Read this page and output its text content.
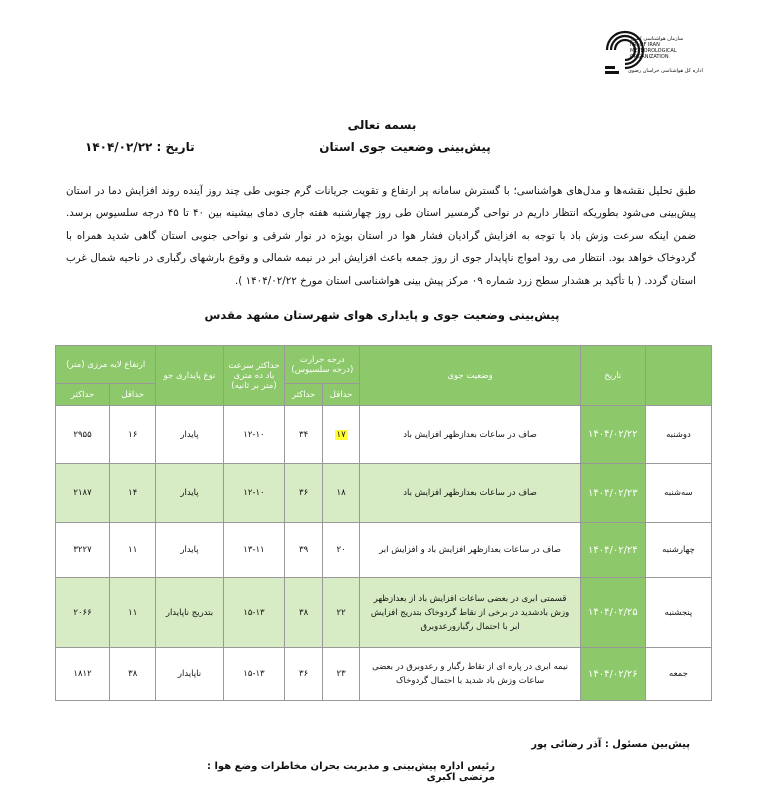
سازمان هواشناسی کشور
I.R. OF IRAN
METEOROLOGICAL
ORGANIZATION
ادارہ کل هواشناسی خراسان رضوی
بسمه تعالی
پیش‌بینی وضعیت جوی استان
تاریخ : ۱۴۰۴/۰۲/۲۲
طبق تحلیل نقشه‌ها و مدل‌های هواشناسی؛ با گسترش سامانه پر ارتفاع و تقویت جریانات گرم جنوبی طی چند روز آینده روند افزایش دما در استان پیش‌بینی می‌شود بطوریکه انتظار داریم در نواحی گرمسیر استان طی روز چهارشنبه هفته جاری دمای بیشینه بین ۴۰ تا ۴۵ درجه سلسیوس برسد. ضمن اینکه سرعت وزش باد با توجه به افزایش گرادیان فشار هوا در استان بویژه در نوار شرقی و نواحی جنوبی استان گاهی شدید همراه با گردوخاک خواهد بود. انتظار می رود امواج ناپایدار جوی از روز جمعه باعث افزایش ابر در نیمه شمالی و وقوع بارشهای رگباری در ناحیه شمال غرب استان گردد. ( با تأکید بر هشدار سطح زرد شماره ۰۹ مرکز پیش بینی هواشناسی استان مورخ ۱۴۰۴/۰۲/۲۲ ).
پیش‌بینی وضعیت جوی و پایداری هوای شهرستان مشهد مقدس
	تاریخ	وضعیت جوی	درجه حرارت (درجه سلسیوس)		حداکثر سرعت باد ده متری (متر بر ثانیه)	نوع پایداری جو	ارتفاع لایه مرزی (متر)	
			حداقل	حداکثر			حداقل	حداکثر
دوشنبه	۱۴۰۴/۰۲/۲۲	صاف در ساعات بعدازظهر افزایش باد	۱۷	۳۴	۱۲-۱۰	پایدار	۱۶	۲۹۵۵
سه‌شنبه	۱۴۰۴/۰۲/۲۳	صاف در ساعات بعدازظهر افزایش باد	۱۸	۳۶	۱۲-۱۰	پایدار	۱۴	۲۱۸۷
چهارشنبه	۱۴۰۴/۰۲/۲۴	صاف در ساعات بعدازظهر افزایش باد و افزایش ابر	۲۰	۳۹	۱۳-۱۱	پایدار	۱۱	۳۲۲۷
پنجشنبه	۱۴۰۴/۰۲/۲۵	قسمتی ابری در بعضی ساعات افزایش باد از بعدازظهر وزش بادشدید در برخی از نقاط گردوخاک بتدریج افزایش ابر با احتمال رگبارورعدوبرق	۲۲	۳۸	۱۵-۱۳	بتدریج ناپایدار	۱۱	۲۰۶۶
جمعه	۱۴۰۴/۰۲/۲۶	نیمه ابری در پاره ای از نقاط رگبار و رعدوبرق در بعضی ساعات وزش باد شدید با احتمال گردوخاک	۲۳	۳۶	۱۵-۱۳	ناپایدار	۳۸	۱۸۱۲
پیش‌بین مسئول : آذر رضائی پور
رئیس اداره پیش‌بینی و مدیریت بحران مخاطرات وضع هوا : مرتضی اکبری
